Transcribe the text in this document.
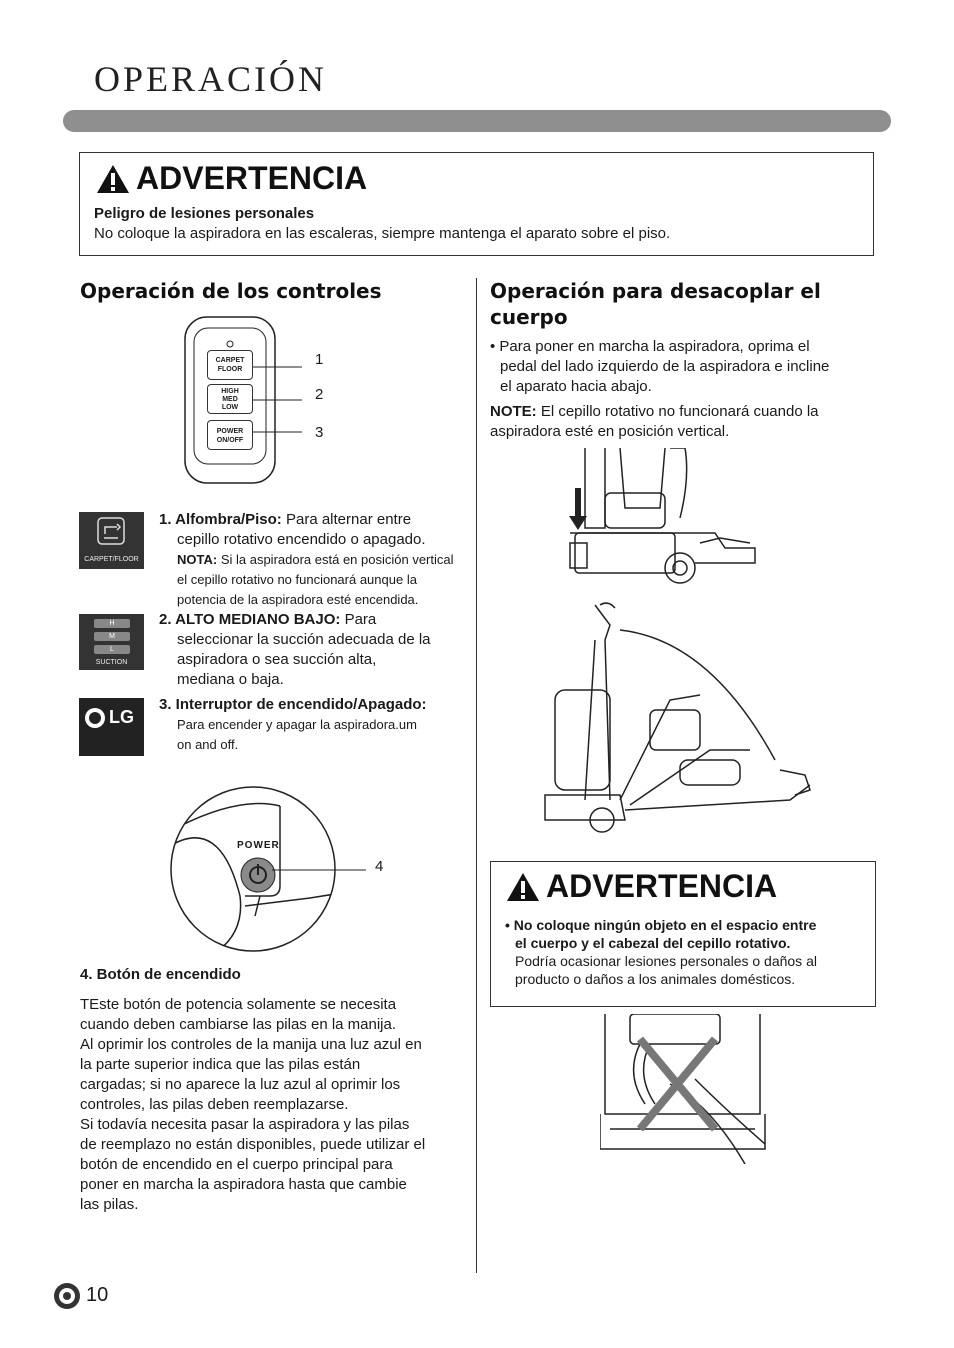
OPERACIÓN
ADVERTENCIA
Peligro de lesiones personales
No coloque la aspiradora en las escaleras, siempre mantenga el aparato sobre el piso.
Operación de los controles
CARPET
FLOOR
HIGH
MED
LOW
POWER
ON/OFF
1
2
3
CARPET/FLOOR
H
M
L
SUCTION
LG
1. Alfombra/Piso: Para alternar entre
cepillo rotativo encendido o apagado.
NOTA: Si la aspiradora está en posición vertical
el cepillo rotativo no funcionará aunque la
potencia de la aspiradora esté encendida.
2. ALTO MEDIANO BAJO: Para
seleccionar la succión adecuada de la
aspiradora o sea succión alta,
mediana o baja.
3. Interruptor de encendido/Apagado:
Para encender y apagar la aspiradora.um
on and off.
POWER
4
4. Botón de encendido
TEste botón de potencia solamente se necesita
cuando deben cambiarse las pilas en la manija.
Al oprimir los controles de la manija una luz azul en
la parte superior indica que las pilas están
cargadas; si no aparece la luz azul al oprimir los
controles, las pilas deben reemplazarse.
Si todavía necesita pasar la aspiradora y las pilas
de reemplazo no están disponibles, puede utilizar el
botón de encendido en el cuerpo principal para
poner en marcha la aspiradora hasta que cambie
las pilas.
Operación para desacoplar el
cuerpo
• Para poner en marcha la aspiradora, oprima el
pedal del lado izquierdo de la aspiradora e incline
el aparato hacia abajo.
NOTE: El cepillo rotativo no funcionará cuando la
aspiradora esté en posición vertical.
ADVERTENCIA
• No coloque ningún objeto en el espacio entre
el cuerpo y el cabezal del cepillo rotativo.
Podría ocasionar lesiones personales o daños al
producto o daños a los animales domésticos.
10
